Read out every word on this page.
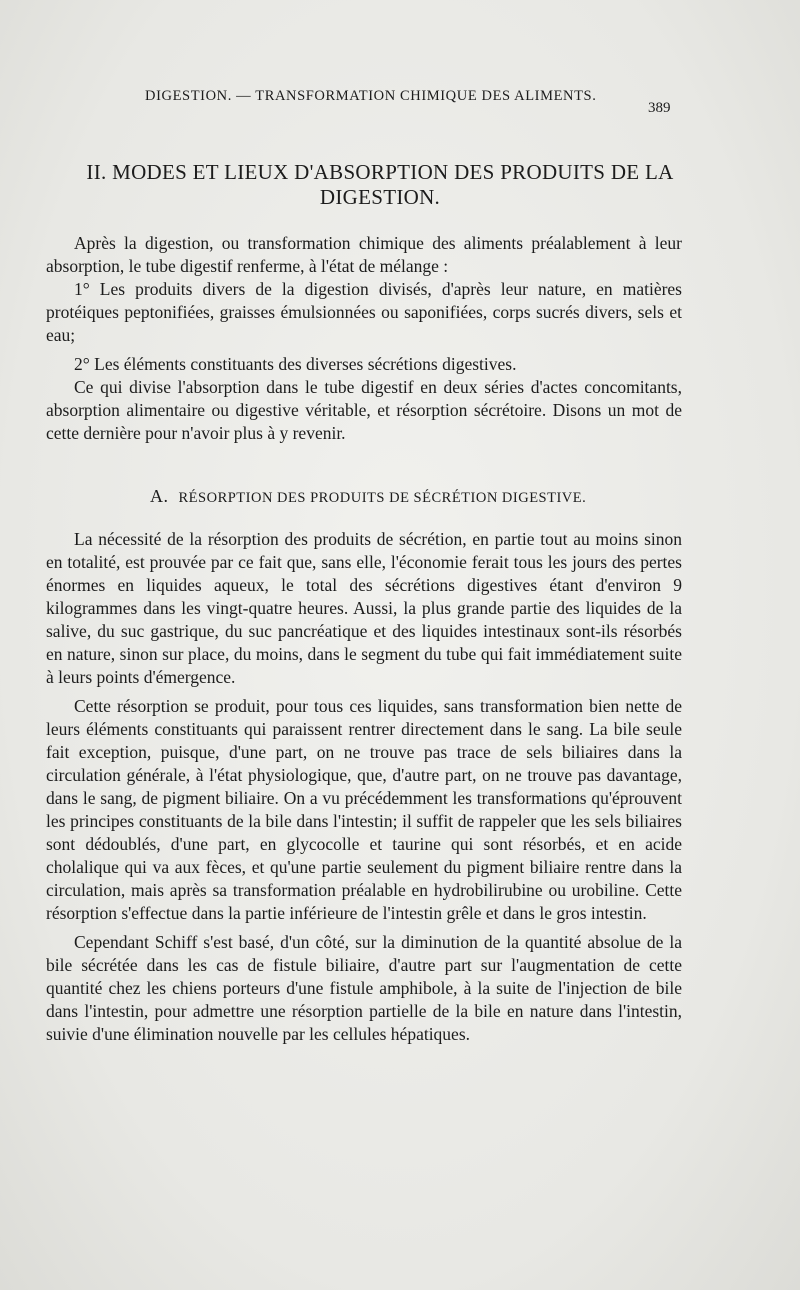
DIGESTION. — TRANSFORMATION CHIMIQUE DES ALIMENTS.
389
II. MODES ET LIEUX D'ABSORPTION DES PRODUITS DE LA DIGESTION.

Après la digestion, ou transformation chimique des aliments préalablement à leur absorption, le tube digestif renferme, à l'état de mélange :

1° Les produits divers de la digestion divisés, d'après leur nature, en matières protéiques peptonifiées, graisses émulsionnées ou saponifiées, corps sucrés divers, sels et eau;

2° Les éléments constituants des diverses sécrétions digestives.

Ce qui divise l'absorption dans le tube digestif en deux séries d'actes concomitants, absorption alimentaire ou digestive véritable, et résorption sécrétoire. Disons un mot de cette dernière pour n'avoir plus à y revenir.

A. RÉSORPTION DES PRODUITS DE SÉCRÉTION DIGESTIVE.

La nécessité de la résorption des produits de sécrétion, en partie tout au moins sinon en totalité, est prouvée par ce fait que, sans elle, l'économie ferait tous les jours des pertes énormes en liquides aqueux, le total des sécrétions digestives étant d'environ 9 kilogrammes dans les vingt-quatre heures. Aussi, la plus grande partie des liquides de la salive, du suc gastrique, du suc pancréatique et des liquides intestinaux sont-ils résorbés en nature, sinon sur place, du moins, dans le segment du tube qui fait immédiatement suite à leurs points d'émergence.

Cette résorption se produit, pour tous ces liquides, sans transformation bien nette de leurs éléments constituants qui paraissent rentrer directement dans le sang. La bile seule fait exception, puisque, d'une part, on ne trouve pas trace de sels biliaires dans la circulation générale, à l'état physiologique, que, d'autre part, on ne trouve pas davantage, dans le sang, de pigment biliaire. On a vu précédemment les transformations qu'éprouvent les principes constituants de la bile dans l'intestin; il suffit de rappeler que les sels biliaires sont dédoublés, d'une part, en glycocolle et taurine qui sont résorbés, et en acide cholalique qui va aux fèces, et qu'une partie seulement du pigment biliaire rentre dans la circulation, mais après sa transformation préalable en hydrobilirubine ou urobiline. Cette résorption s'effectue dans la partie inférieure de l'intestin grêle et dans le gros intestin.

Cependant Schiff s'est basé, d'un côté, sur la diminution de la quantité absolue de la bile sécrétée dans les cas de fistule biliaire, d'autre part sur l'augmentation de cette quantité chez les chiens porteurs d'une fistule amphibole, à la suite de l'injection de bile dans l'intestin, pour admettre une résorption partielle de la bile en nature dans l'intestin, suivie d'une élimination nouvelle par les cellules hépatiques.
